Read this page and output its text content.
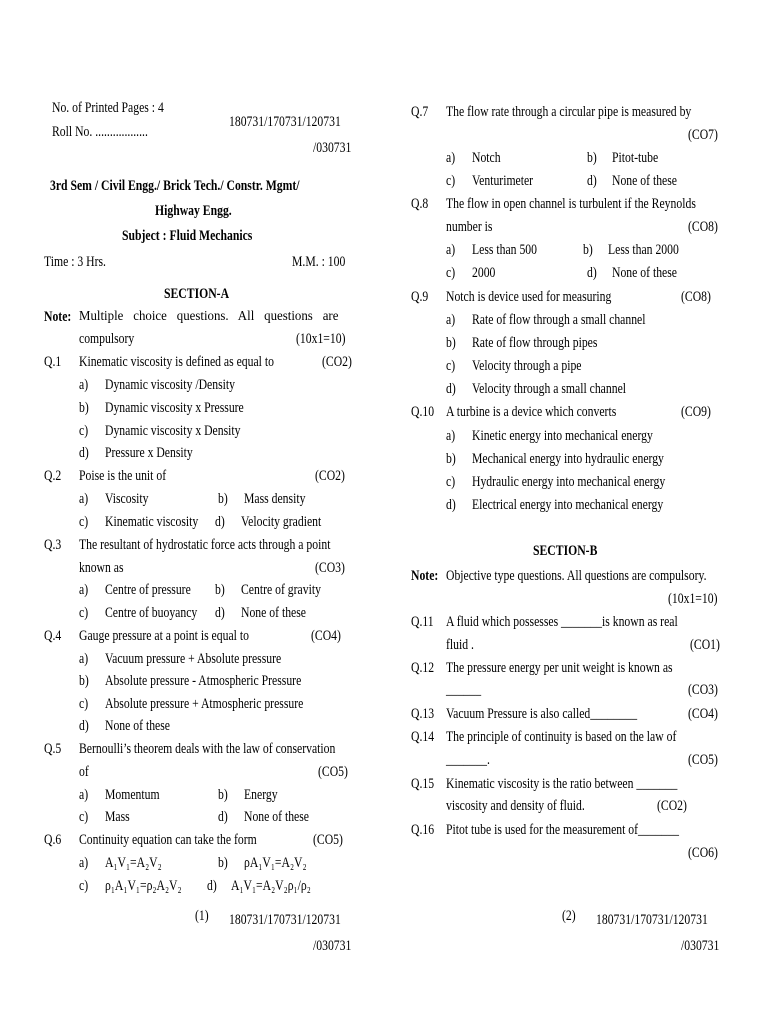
No. of Printed Pages : 4
Roll No. ..................
180731/170731/120731
/030731
3rd Sem / Civil Engg./ Brick Tech./ Constr. Mgmt/
Highway Engg.
Subject : Fluid Mechanics
Time : 3 Hrs.	M.M. : 100
SECTION-A
Note: Multiple choice questions. All questions are
compulsory	(10x1=10)
Q.1 Kinematic viscosity is defined as equal to	(CO2)
a) Dynamic viscosity /Density
b) Dynamic viscosity x Pressure
c) Dynamic viscosity x Density
d) Pressure x Density
Q.2 Poise is the unit of	(CO2)
a) Viscosity	b) Mass density
c) Kinematic viscosity d) Velocity gradient
Q.3 The resultant of hydrostatic force acts through a point
known as	(CO3)
a) Centre of pressure b) Centre of gravity
c) Centre of buoyancy d) None of these
Q.4 Gauge pressure at a point is equal to	(CO4)
a) Vacuum pressure + Absolute pressure
b) Absolute pressure - Atmospheric Pressure
c) Absolute pressure + Atmospheric pressure
d) None of these
Q.5 Bernoulli’s theorem deals with the law of conservation
of	(CO5)
a) Momentum	b) Energy
c) Mass	d) None of these
Q.6 Continuity equation can take the form	(CO5)
a) A₁V₁=A₂V₂	b) ρA₁V₁=A₂V₂
c) ρ₁A₁V₁=ρ₂A₂V₂ d) A₁V₁=A₂V₂ρ₁/ρ₂
(1) 180731/170731/120731
/030731
Q.7 The flow rate through a circular pipe is measured by
(CO7)
a) Notch	b) Pitot-tube
c) Venturimeter	d) None of these
Q.8 The flow in open channel is turbulent if the Reynolds
number is	(CO8)
a) Less than 500	b) Less than 2000
c) 2000	d) None of these
Q.9 Notch is device used for measuring	(CO8)
a) Rate of flow through a small channel
b) Rate of flow through pipes
c) Velocity through a pipe
d) Velocity through a small channel
Q.10 A turbine is a device which converts	(CO9)
a) Kinetic energy into mechanical energy
b) Mechanical energy into hydraulic energy
c) Hydraulic energy into mechanical energy
d) Electrical energy into mechanical energy
SECTION-B
Note: Objective type questions. All questions are compulsory.
(10x1=10)
Q.11 A fluid which possesses _______is known as real
fluid .	(CO1)
Q.12 The pressure energy per unit weight is known as
______	(CO3)
Q.13 Vacuum Pressure is also called________	(CO4)
Q.14 The principle of continuity is based on the law of
_______.	(CO5)
Q.15 Kinematic viscosity is the ratio between _______
viscosity and density of fluid.	(CO2)
Q.16 Pitot tube is used for the measurement of_______
(CO6)
(2) 180731/170731/120731
/030731
